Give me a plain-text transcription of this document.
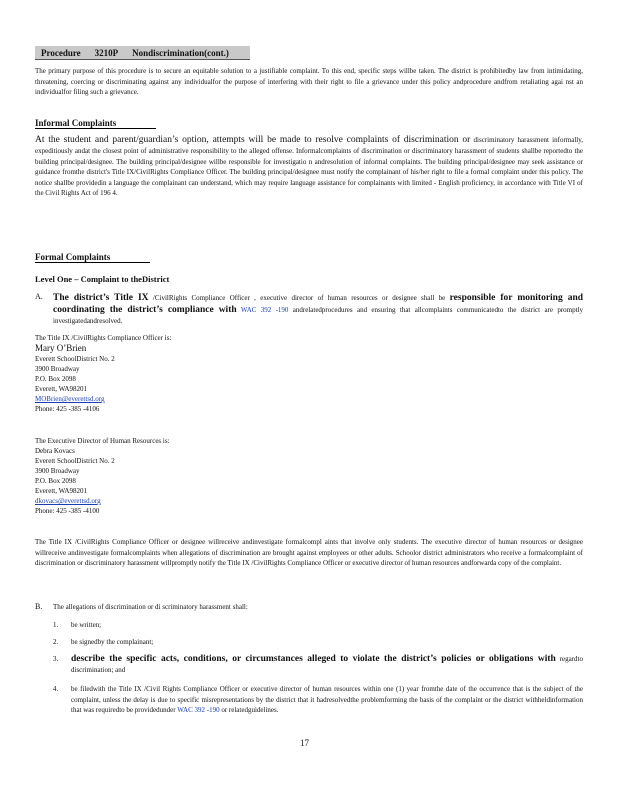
Procedure 3210P Nondiscrimination(cont.)

The primary purpose of this procedure is to secure an equitable solution to a justifiable complaint. To this end, specific steps willbe taken. The district is prohibitedby law from intimidating, threatening, coercing or discriminating against any individualfor the purpose of interfering with their right to file a grievance under this policy andprocedure andfrom retaliating agai nst an individualfor filing such a grievance.

Informal Complaints

At the student and parent/guardian’s option, attempts will be made to resolve complaints of discrimination or discriminatory harassment informally, expeditiously andat the closest point of administrative responsibility to the alleged offense. Informalcomplaints of discrimination or discriminatory harassment of students shallbe reportedto the building principal/designee. The building principal/designee willbe responsible for investigatio n andresolution of informal complaints. The building principal/designee may seek assistance or guidance fromthe district's Title IX/CivilRights Compliance Officer. The building principal/designee must notify the complainant of his/her right to file a formal complaint under this policy. The notice shallbe providedin a language the complainant can understand, which may require language assistance for complainants with limited - English proficiency, in accordance with Title VI of the Civil Rights Act of 196 4.

Formal Complaints

Level One – Complaint to theDistrict

A. The district’s Title IX /CivilRights Compliance Officer , executive director of human resources or designee shall be responsible for monitoring and coordinating the district’s compliance with WAC 392 -190 andrelatedprocedures and ensuring that allcomplaints communicatedto the district are promptly investigatedandresolved.

The Title IX /CivilRights Compliance Officer is:
Mary O’Brien
Everett SchoolDistrict No. 2
3900 Broadway
P.O. Box 2098
Everett, WA98201
MOBrien@everettsd.org
Phone: 425 -385 -4106
The Executive Director of Human Resources is:
Debra Kovacs
Everett SchoolDistrict No. 2
3900 Broadway
P.O. Box 2098
Everett, WA98201
dkovacs@everettsd.org
Phone: 425 -385 -4100

The Title IX /CivilRights Compliance Officer or designee willreceive andinvestigate formalcompl aints that involve only students. The executive director of human resources or designee willreceive andinvestigate formalcomplaints when allegations of discrimination are brought against employees or other adults. Schoolor district administrators who receive a formalcomplaint of discrimination or discriminatory harassment willpromptly notify the Title IX /CivilRights Compliance Officer or executive director of human resources andforwarda copy of the complaint.

B. The allegations of discrimination or di scriminatory harassment shall:

1. be written;

2. be signedby the complainant;

3. describe the specific acts, conditions, or circumstances alleged to violate the district’s policies or obligations with regardto discrimination; and

4. be filedwith the Title IX /Civil Rights Compliance Officer or executive director of human resources within one (1) year fromthe date of the occurrence that is the subject of the complaint, unless the delay is due to specific misrepresentations by the district that it hadresolvedthe problemforming the basis of the complaint or the district withheldinformation that was requiredto be providedunder WAC 392 -190 or relatedguidelines.

17
